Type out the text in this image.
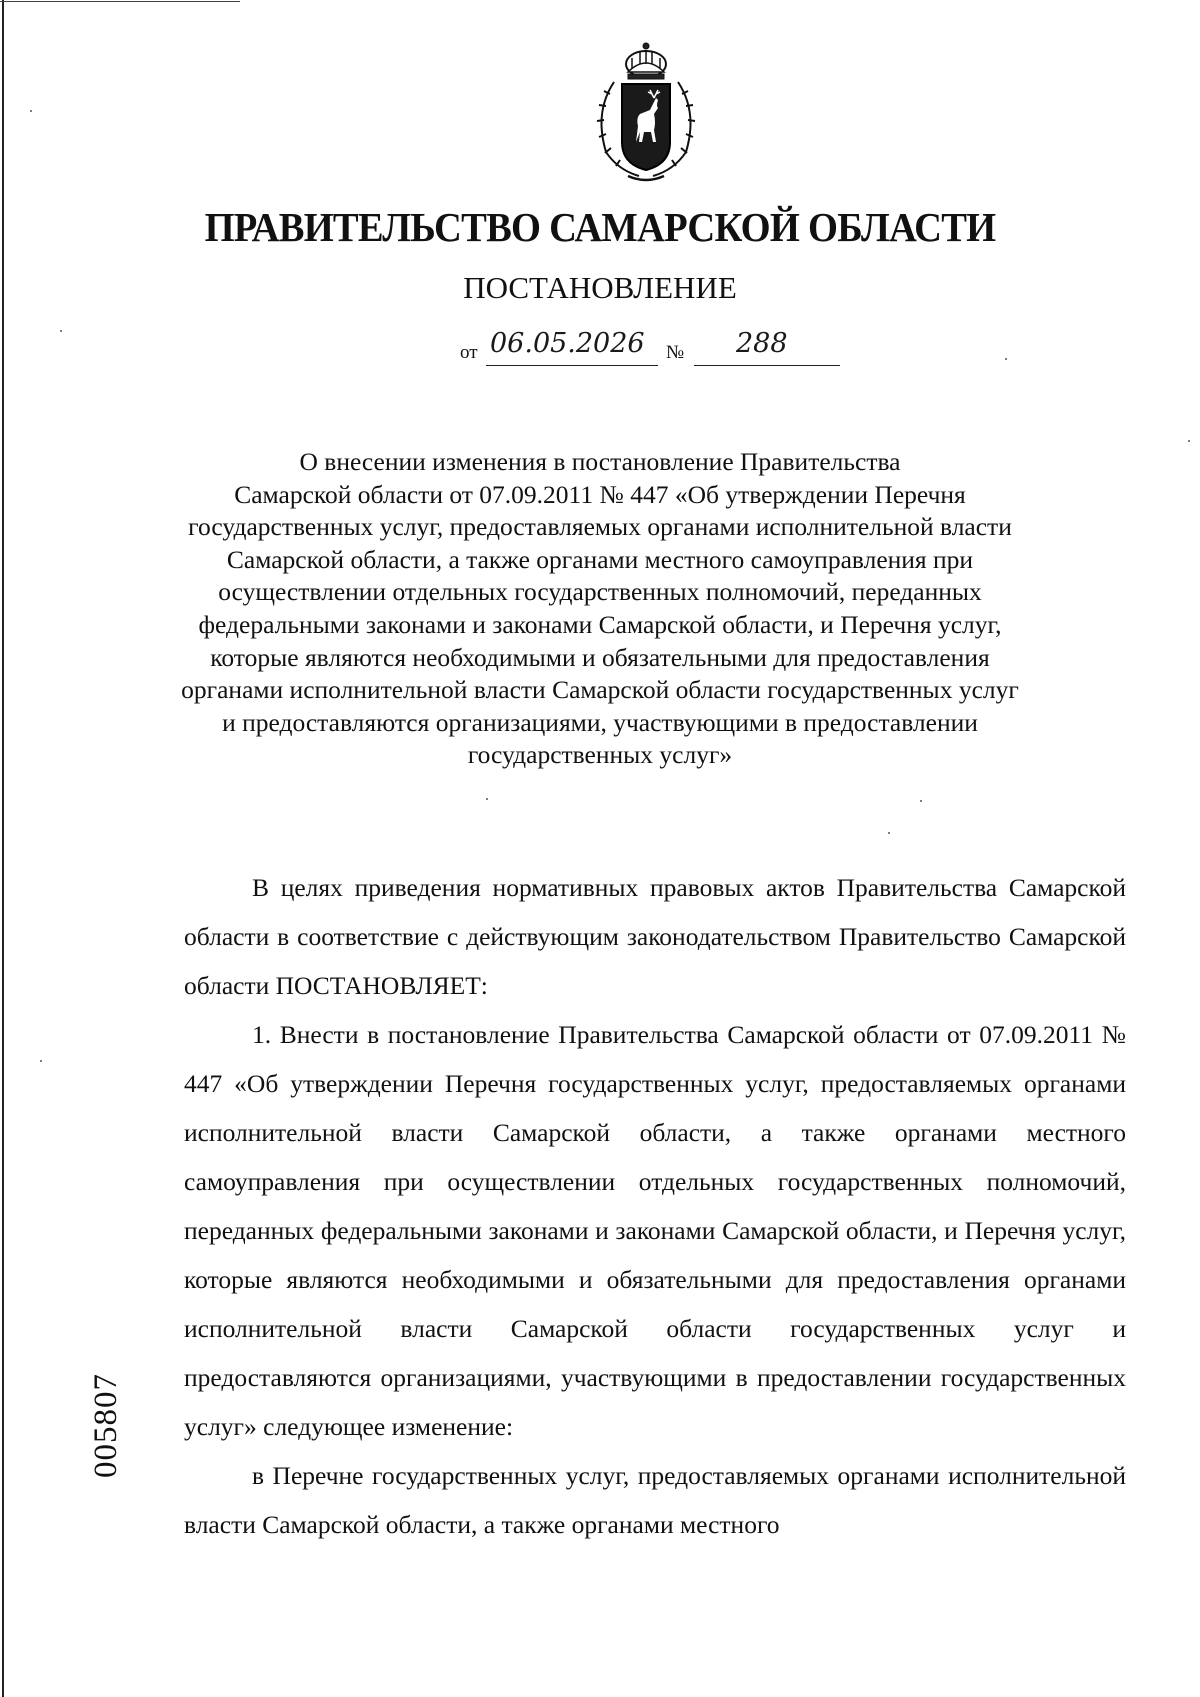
ПРАВИТЕЛЬСТВО САМАРСКОЙ ОБЛАСТИ
ПОСТАНОВЛЕНИЕ
от 06.05.2026 № 288
О внесении изменения в постановление Правительства
Самарской области от 07.09.2011 № 447 «Об утверждении Перечня
государственных услуг, предоставляемых органами исполнительной власти
Самарской области, а также органами местного самоуправления при
осуществлении отдельных государственных полномочий, переданных
федеральными законами и законами Самарской области, и Перечня услуг,
которые являются необходимыми и обязательными для предоставления
органами исполнительной власти Самарской области государственных услуг
и предоставляются организациями, участвующими в предоставлении
государственных услуг»

В целях приведения нормативных правовых актов Правительства Самарской области в соответствие с действующим законодательством Правительство Самарской области ПОСТАНОВЛЯЕТ:

1. Внести в постановление Правительства Самарской области от 07.09.2011 № 447 «Об утверждении Перечня государственных услуг, предоставляемых органами исполнительной власти Самарской области, а также органами местного самоуправления при осуществлении отдельных государственных полномочий, переданных федеральными законами и законами Самарской области, и Перечня услуг, которые являются необходимыми и обязательными для предоставления органами исполнительной власти Самарской области государственных услуг и предоставляются организациями, участвующими в предоставлении государственных услуг» следующее изменение:

в Перечне государственных услуг, предоставляемых органами исполнительной власти Самарской области, а также органами местного

005807
